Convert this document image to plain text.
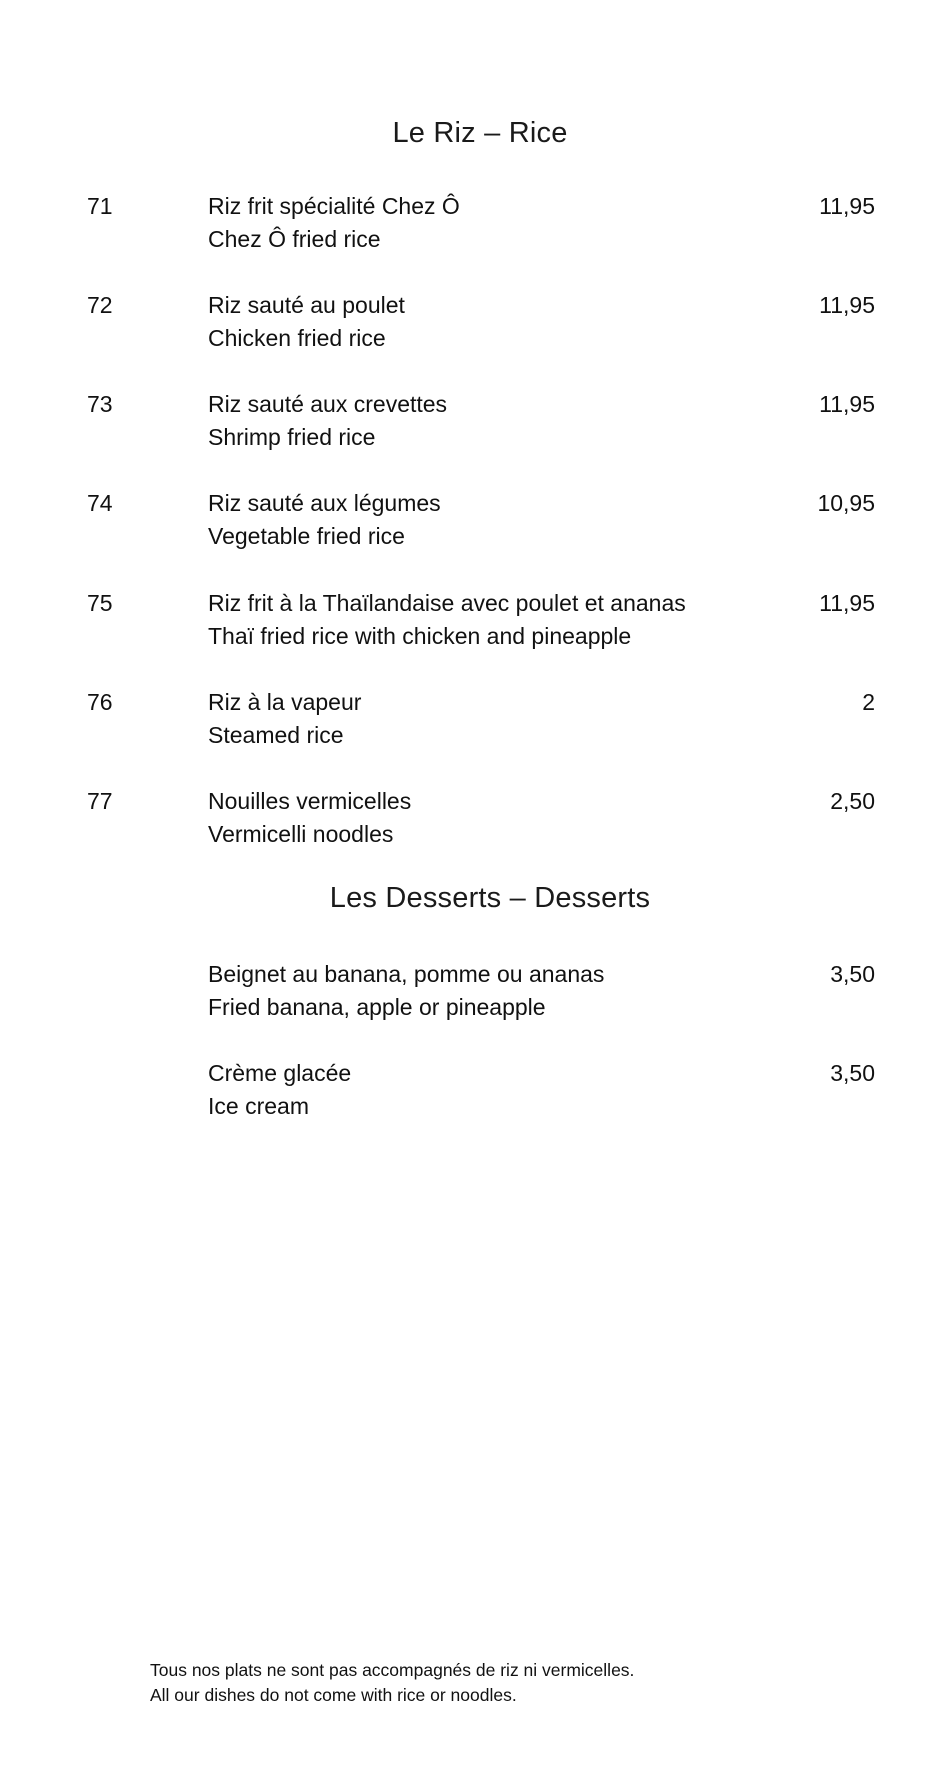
Le Riz – Rice
71	Riz frit spécialité Chez Ô
Chez Ô fried rice
11,95
72	Riz sauté au poulet
Chicken fried rice
11,95
73	Riz sauté aux crevettes
Shrimp fried rice
11,95
74	Riz sauté aux légumes
Vegetable fried rice
10,95
75	Riz frit à la Thaïlandaise avec poulet et ananas
Thaï fried rice with chicken and pineapple
11,95
76	Riz à la vapeur
Steamed rice
2
77	Nouilles vermicelles
Vermicelli noodles
2,50
Les Desserts – Desserts
Beignet au banana, pomme ou ananas
Fried banana, apple or pineapple
3,50
Crème glacée
Ice cream
3,50
Tous nos plats ne sont pas accompagnés de riz ni vermicelles.
All our dishes do not come with rice or noodles.
